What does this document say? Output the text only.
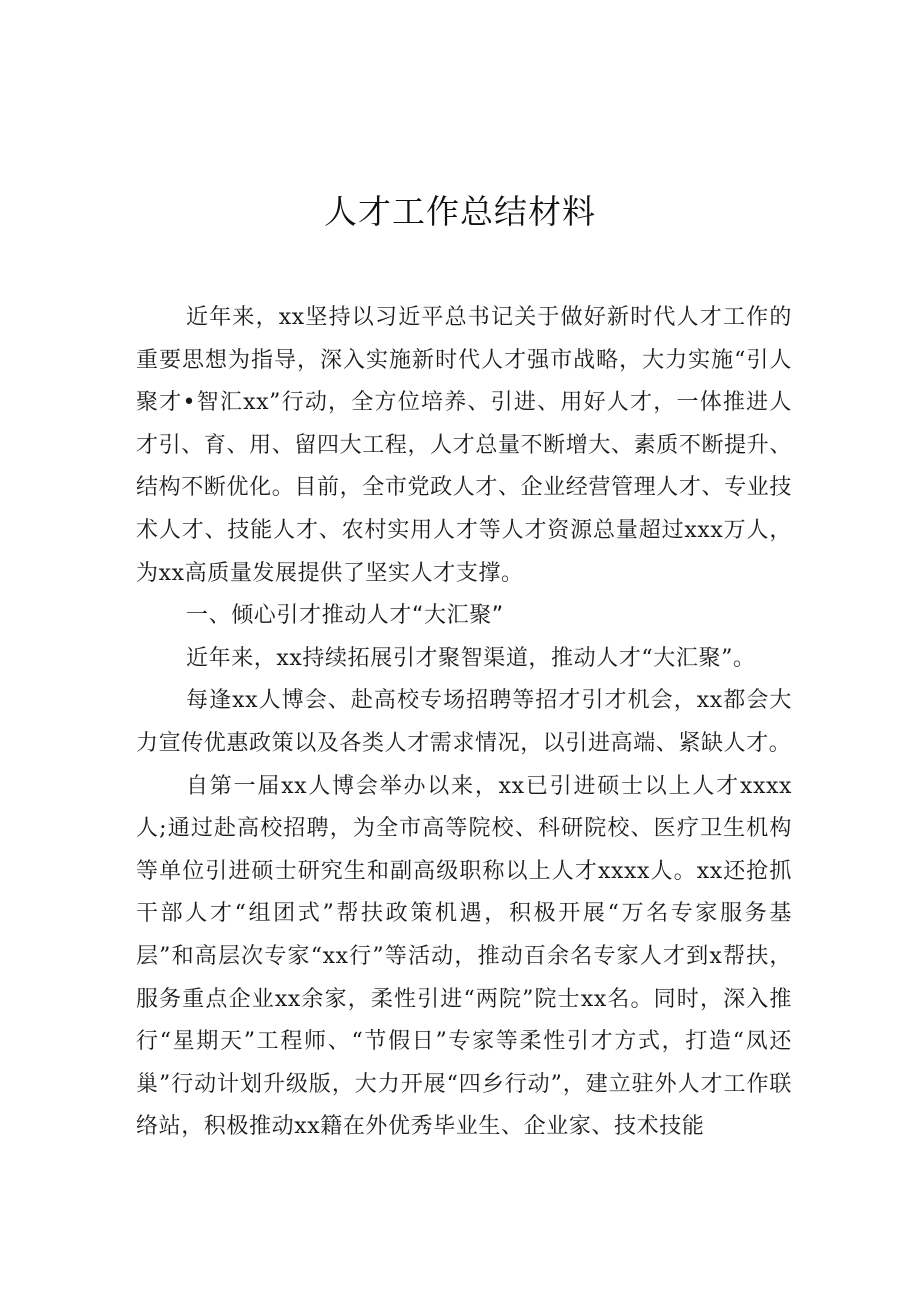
人才工作总结材料

近年来，xx坚持以习近平总书记关于做好新时代人才工作的重要思想为指导，深入实施新时代人才强市战略，大力实施“引人聚才•智汇xx”行动，全方位培养、引进、用好人才，一体推进人才引、育、用、留四大工程，人才总量不断增大、素质不断提升、结构不断优化。目前，全市党政人才、企业经营管理人才、专业技术人才、技能人才、农村实用人才等人才资源总量超过xxx万人，为xx高质量发展提供了坚实人才支撑。

一、倾心引才推动人才“大汇聚”

近年来，xx持续拓展引才聚智渠道，推动人才“大汇聚”。

每逢xx人博会、赴高校专场招聘等招才引才机会，xx都会大力宣传优惠政策以及各类人才需求情况，以引进高端、紧缺人才。

自第一届xx人博会举办以来，xx已引进硕士以上人才xxxx人;通过赴高校招聘，为全市高等院校、科研院校、医疗卫生机构等单位引进硕士研究生和副高级职称以上人才xxxx人。xx还抢抓干部人才“组团式”帮扶政策机遇，积极开展“万名专家服务基层”和高层次专家“xx行”等活动，推动百余名专家人才到x帮扶，服务重点企业xx余家，柔性引进“两院”院士xx名。同时，深入推行“星期天”工程师、“节假日”专家等柔性引才方式，打造“凤还巢”行动计划升级版，大力开展“四乡行动”，建立驻外人才工作联络站，积极推动xx籍在外优秀毕业生、企业家、技术技能
